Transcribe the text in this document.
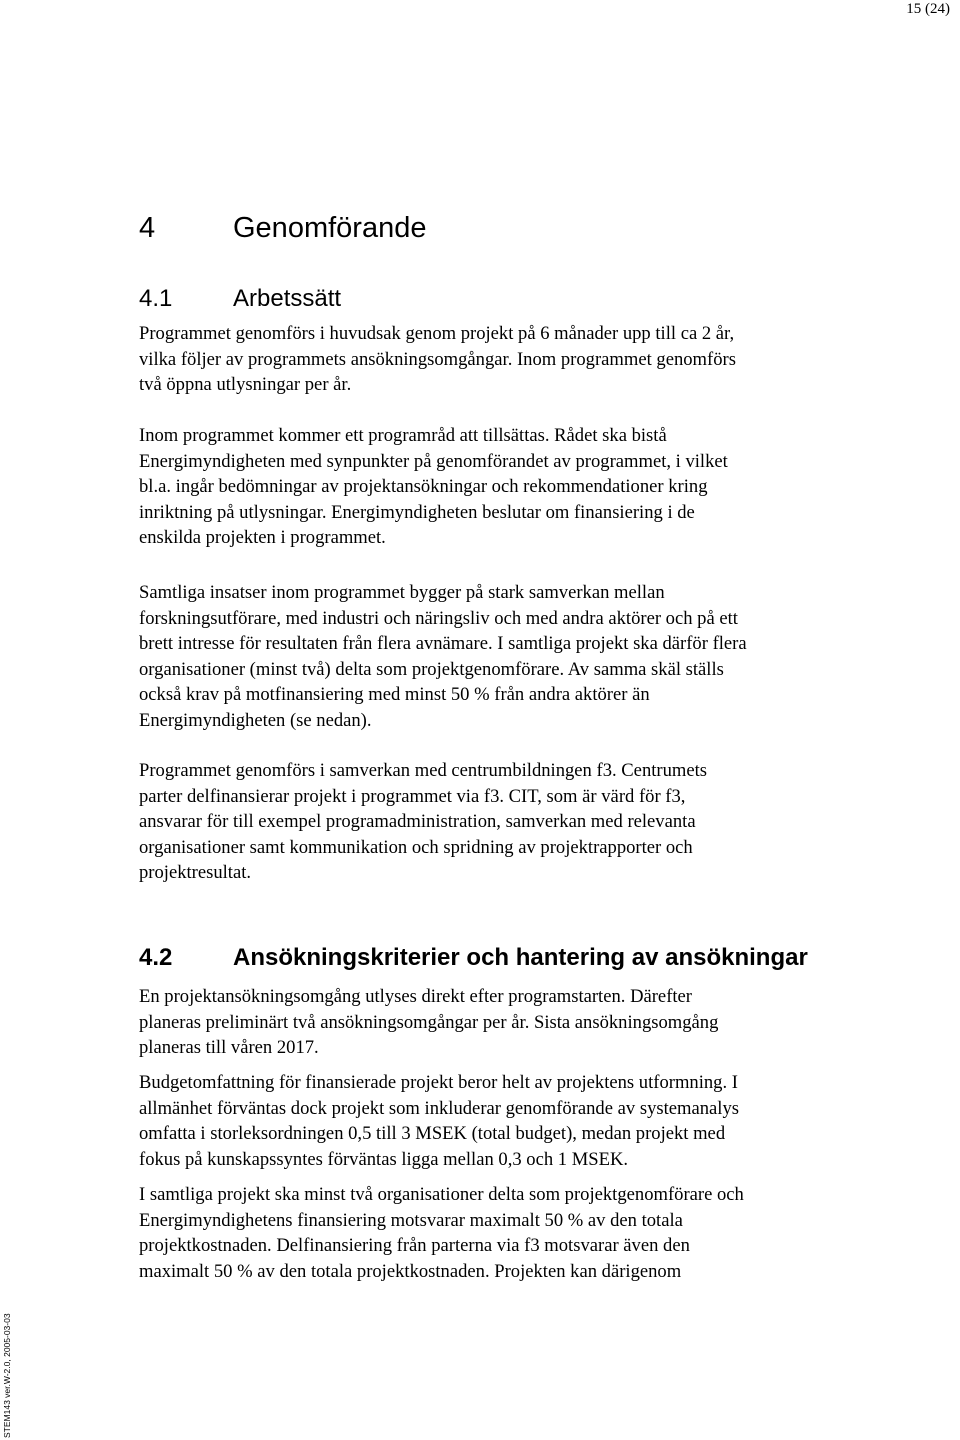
15 (24)
4	Genomförande
4.1	Arbetssätt
Programmet genomförs i huvudsak genom projekt på 6 månader upp till ca 2 år,
vilka följer av programmets ansökningsomgångar. Inom programmet genomförs
två öppna utlysningar per år.
Inom programmet kommer ett programråd att tillsättas. Rådet ska bistå
Energimyndigheten med synpunkter på genomförandet av programmet, i vilket
bl.a. ingår bedömningar av projektansökningar och rekommendationer kring
inriktning på utlysningar. Energimyndigheten beslutar om finansiering i de
enskilda projekten i programmet.
Samtliga insatser inom programmet bygger på stark samverkan mellan
forskningsutförare, med industri och näringsliv och med andra aktörer och på ett
brett intresse för resultaten från flera avnämare. I samtliga projekt ska därför flera
organisationer (minst två) delta som projektgenomförare. Av samma skäl ställs
också krav på motfinansiering med minst 50 % från andra aktörer än
Energimyndigheten (se nedan).
Programmet genomförs i samverkan med centrumbildningen f3. Centrumets
parter delfinansierar projekt i programmet via f3. CIT, som är värd för f3,
ansvarar för till exempel programadministration, samverkan med relevanta
organisationer samt kommunikation och spridning av projektrapporter och
projektresultat.
4.2	Ansökningskriterier och hantering av ansökningar
En projektansökningsomgång utlyses direkt efter programstarten. Därefter
planeras preliminärt två ansökningsomgångar per år. Sista ansökningsomgång
planeras till våren 2017.
Budgetomfattning för finansierade projekt beror helt av projektens utformning. I
allmänhet förväntas dock projekt som inkluderar genomförande av systemanalys
omfatta i storleksordningen 0,5 till 3 MSEK (total budget), medan projekt med
fokus på kunskapssyntes förväntas ligga mellan 0,3 och 1 MSEK.
I samtliga projekt ska minst två organisationer delta som projektgenomförare och
Energimyndighetens finansiering motsvarar maximalt 50 % av den totala
projektkostnaden. Delfinansiering från parterna via f3 motsvarar även den
maximalt 50 % av den totala projektkostnaden. Projekten kan därigenom
STEM143 ver.W-2.0, 2005-03-03
